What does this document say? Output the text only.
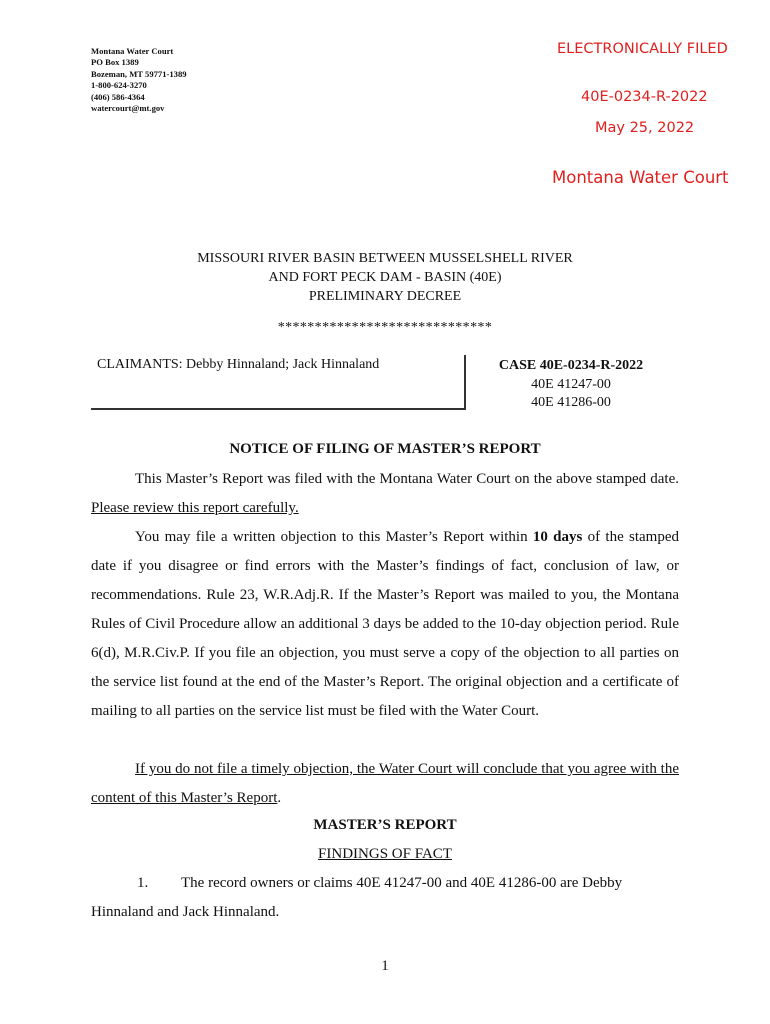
Montana Water Court
PO Box 1389
Bozeman, MT 59771-1389
1-800-624-3270
(406) 586-4364
watercourt@mt.gov
ELECTRONICALLY FILED
40E-0234-R-2022
May 25, 2022
Montana Water Court
MISSOURI RIVER BASIN BETWEEN MUSSELSHELL RIVER
AND FORT PECK DAM - BASIN (40E)
PRELIMINARY DECREE
*****************************
CLAIMANTS: Debby Hinnaland; Jack Hinnaland	CASE 40E-0234-R-2022
40E 41247-00
40E 41286-00
NOTICE OF FILING OF MASTER’S REPORT
This Master’s Report was filed with the Montana Water Court on the above stamped date. Please review this report carefully.
You may file a written objection to this Master’s Report within 10 days of the stamped date if you disagree or find errors with the Master’s findings of fact, conclusion of law, or recommendations. Rule 23, W.R.Adj.R. If the Master’s Report was mailed to you, the Montana Rules of Civil Procedure allow an additional 3 days be added to the 10-day objection period. Rule 6(d), M.R.Civ.P. If you file an objection, you must serve a copy of the objection to all parties on the service list found at the end of the Master’s Report. The original objection and a certificate of mailing to all parties on the service list must be filed with the Water Court.
If you do not file a timely objection, the Water Court will conclude that you agree with the content of this Master’s Report.
MASTER’S REPORT
FINDINGS OF FACT
1. The record owners or claims 40E 41247-00 and 40E 41286-00 are Debby
Hinnaland and Jack Hinnaland.
1
